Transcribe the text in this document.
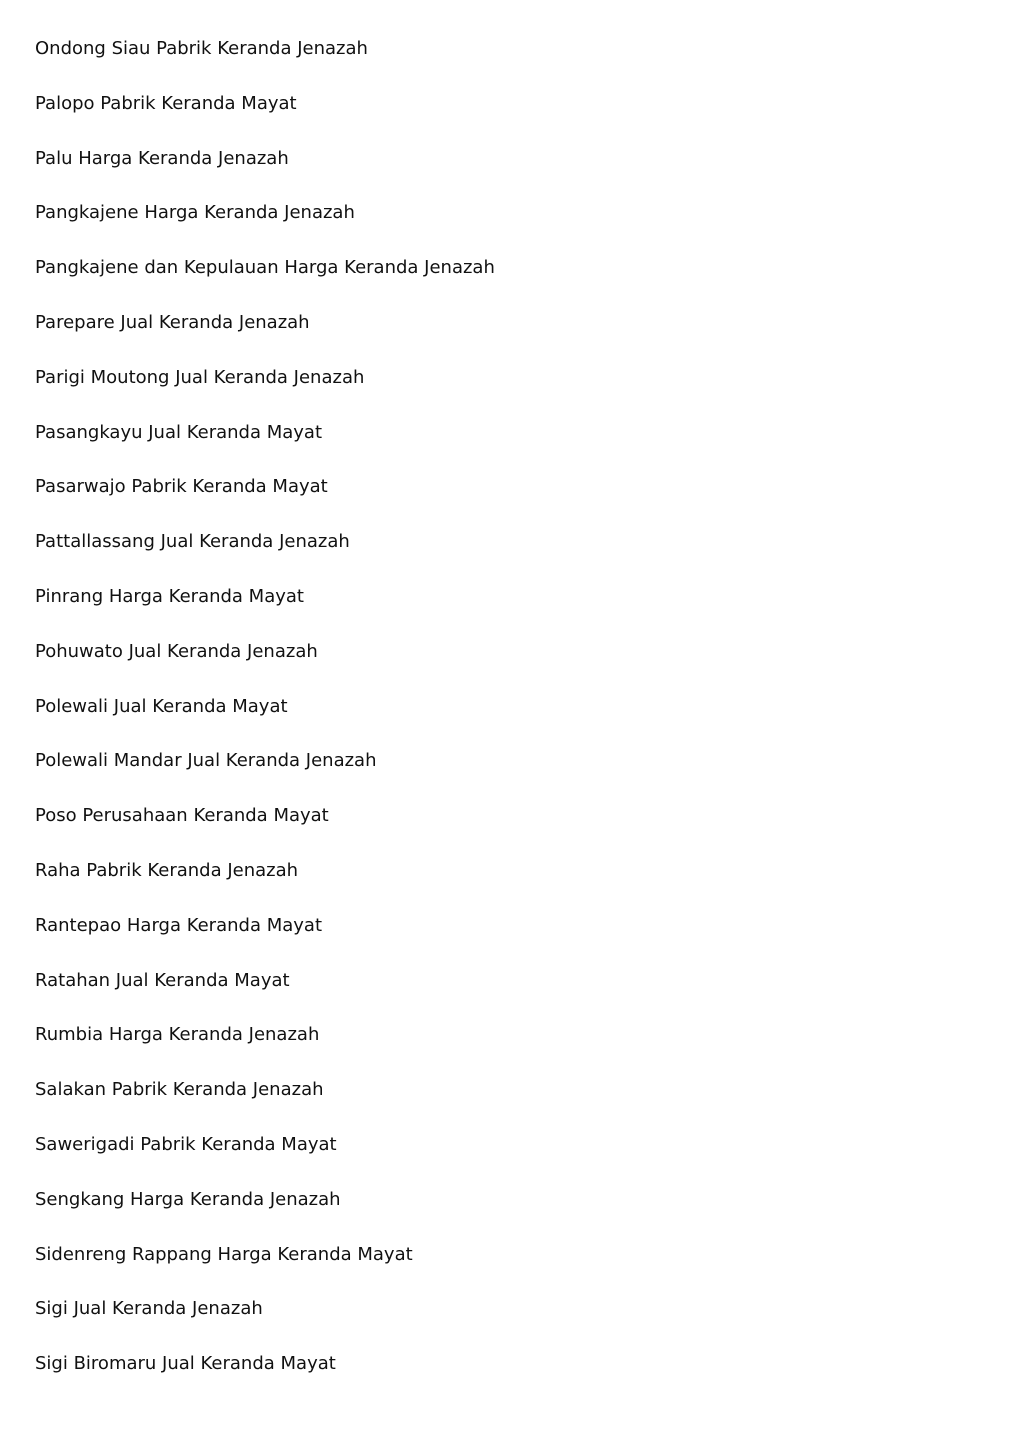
Ondong Siau Pabrik Keranda Jenazah
Palopo Pabrik Keranda Mayat
Palu Harga Keranda Jenazah
Pangkajene Harga Keranda Jenazah
Pangkajene dan Kepulauan Harga Keranda Jenazah
Parepare Jual Keranda Jenazah
Parigi Moutong Jual Keranda Jenazah
Pasangkayu Jual Keranda Mayat
Pasarwajo Pabrik Keranda Mayat
Pattallassang Jual Keranda Jenazah
Pinrang Harga Keranda Mayat
Pohuwato Jual Keranda Jenazah
Polewali Jual Keranda Mayat
Polewali Mandar Jual Keranda Jenazah
Poso Perusahaan Keranda Mayat
Raha Pabrik Keranda Jenazah
Rantepao Harga Keranda Mayat
Ratahan Jual Keranda Mayat
Rumbia Harga Keranda Jenazah
Salakan Pabrik Keranda Jenazah
Sawerigadi Pabrik Keranda Mayat
Sengkang Harga Keranda Jenazah
Sidenreng Rappang Harga Keranda Mayat
Sigi Jual Keranda Jenazah
Sigi Biromaru Jual Keranda Mayat
